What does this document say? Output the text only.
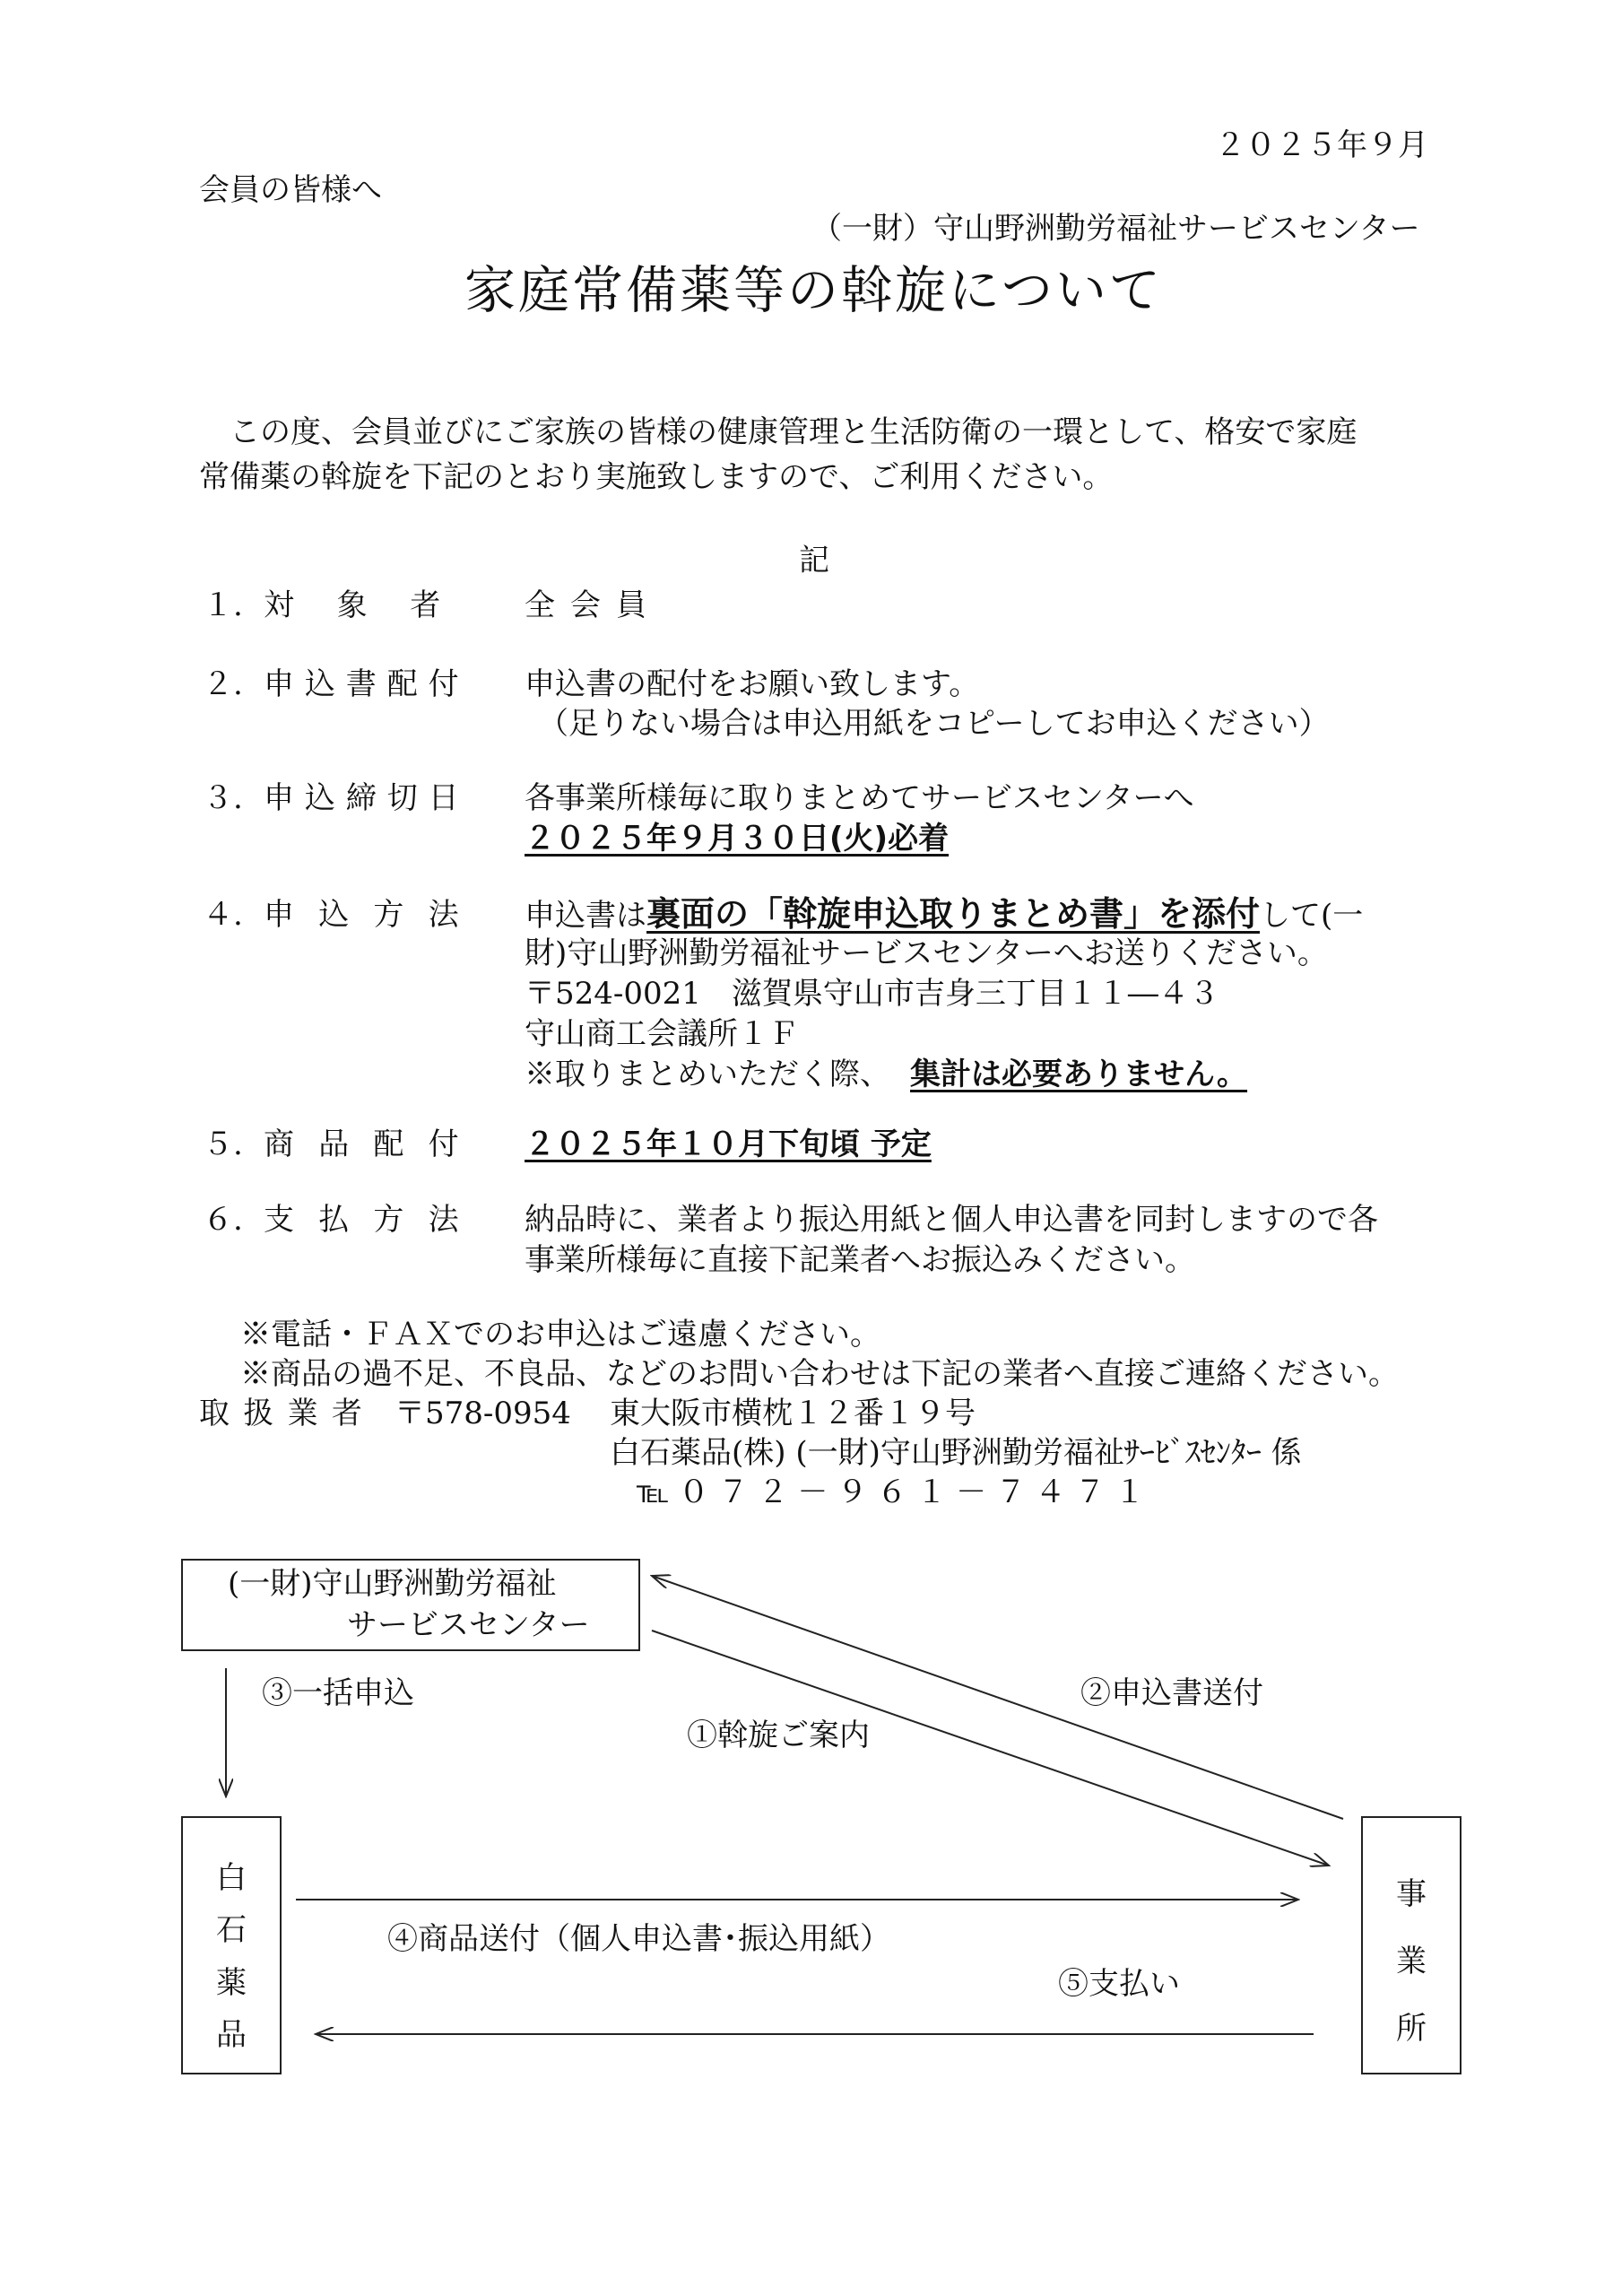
２０２５年９月
会員の皆様へ
（一財）守山野洲勤労福祉サービスセンター
家庭常備薬等の斡旋について
この度、会員並びにご家族の皆様の健康管理と生活防衛の一環として、格安で家庭
常備薬の斡旋を下記のとおり実施致しますので、ご利用ください。
記
１. 対象者 全会員
２. 申込書配付 申込書の配付をお願い致します。
（足りない場合は申込用紙をコピーしてお申込ください）
３. 申込締切日 各事業所様毎に取りまとめてサービスセンターへ
２０２５年９月３０日(火)必着
４. 申込方法 申込書は裏面の「斡旋申込取りまとめ書」を添付して(一
財)守山野洲勤労福祉サービスセンターへお送りください。
〒524-0021　滋賀県守山市吉身三丁目１１―４３
守山商工会議所１Ｆ
※取りまとめいただく際、 集計は必要ありません。
５. 商品配付 ２０２５年１０月下旬頃 予定
６. 支払方法 納品時に、業者より振込用紙と個人申込書を同封しますので各
事業所様毎に直接下記業者へお振込みください。
※電話・ＦＡＸでのお申込はご遠慮ください。
※商品の過不足、不良品、などのお問い合わせは下記の業者へ直接ご連絡ください。
取扱業者 〒578-0954 東大阪市横枕１２番１９号
白石薬品(株) (一財)守山野洲勤労福祉ｻｰﾋﾞｽｾﾝﾀｰ 係
℡０７２－９６１－７４７１
(一財)守山野洲勤労福祉
サービスセンター
白
石
薬
品
事
業
所
①斡旋ご案内
②申込書送付
③一括申込
④商品送付（個人申込書･振込用紙）
⑤支払い
